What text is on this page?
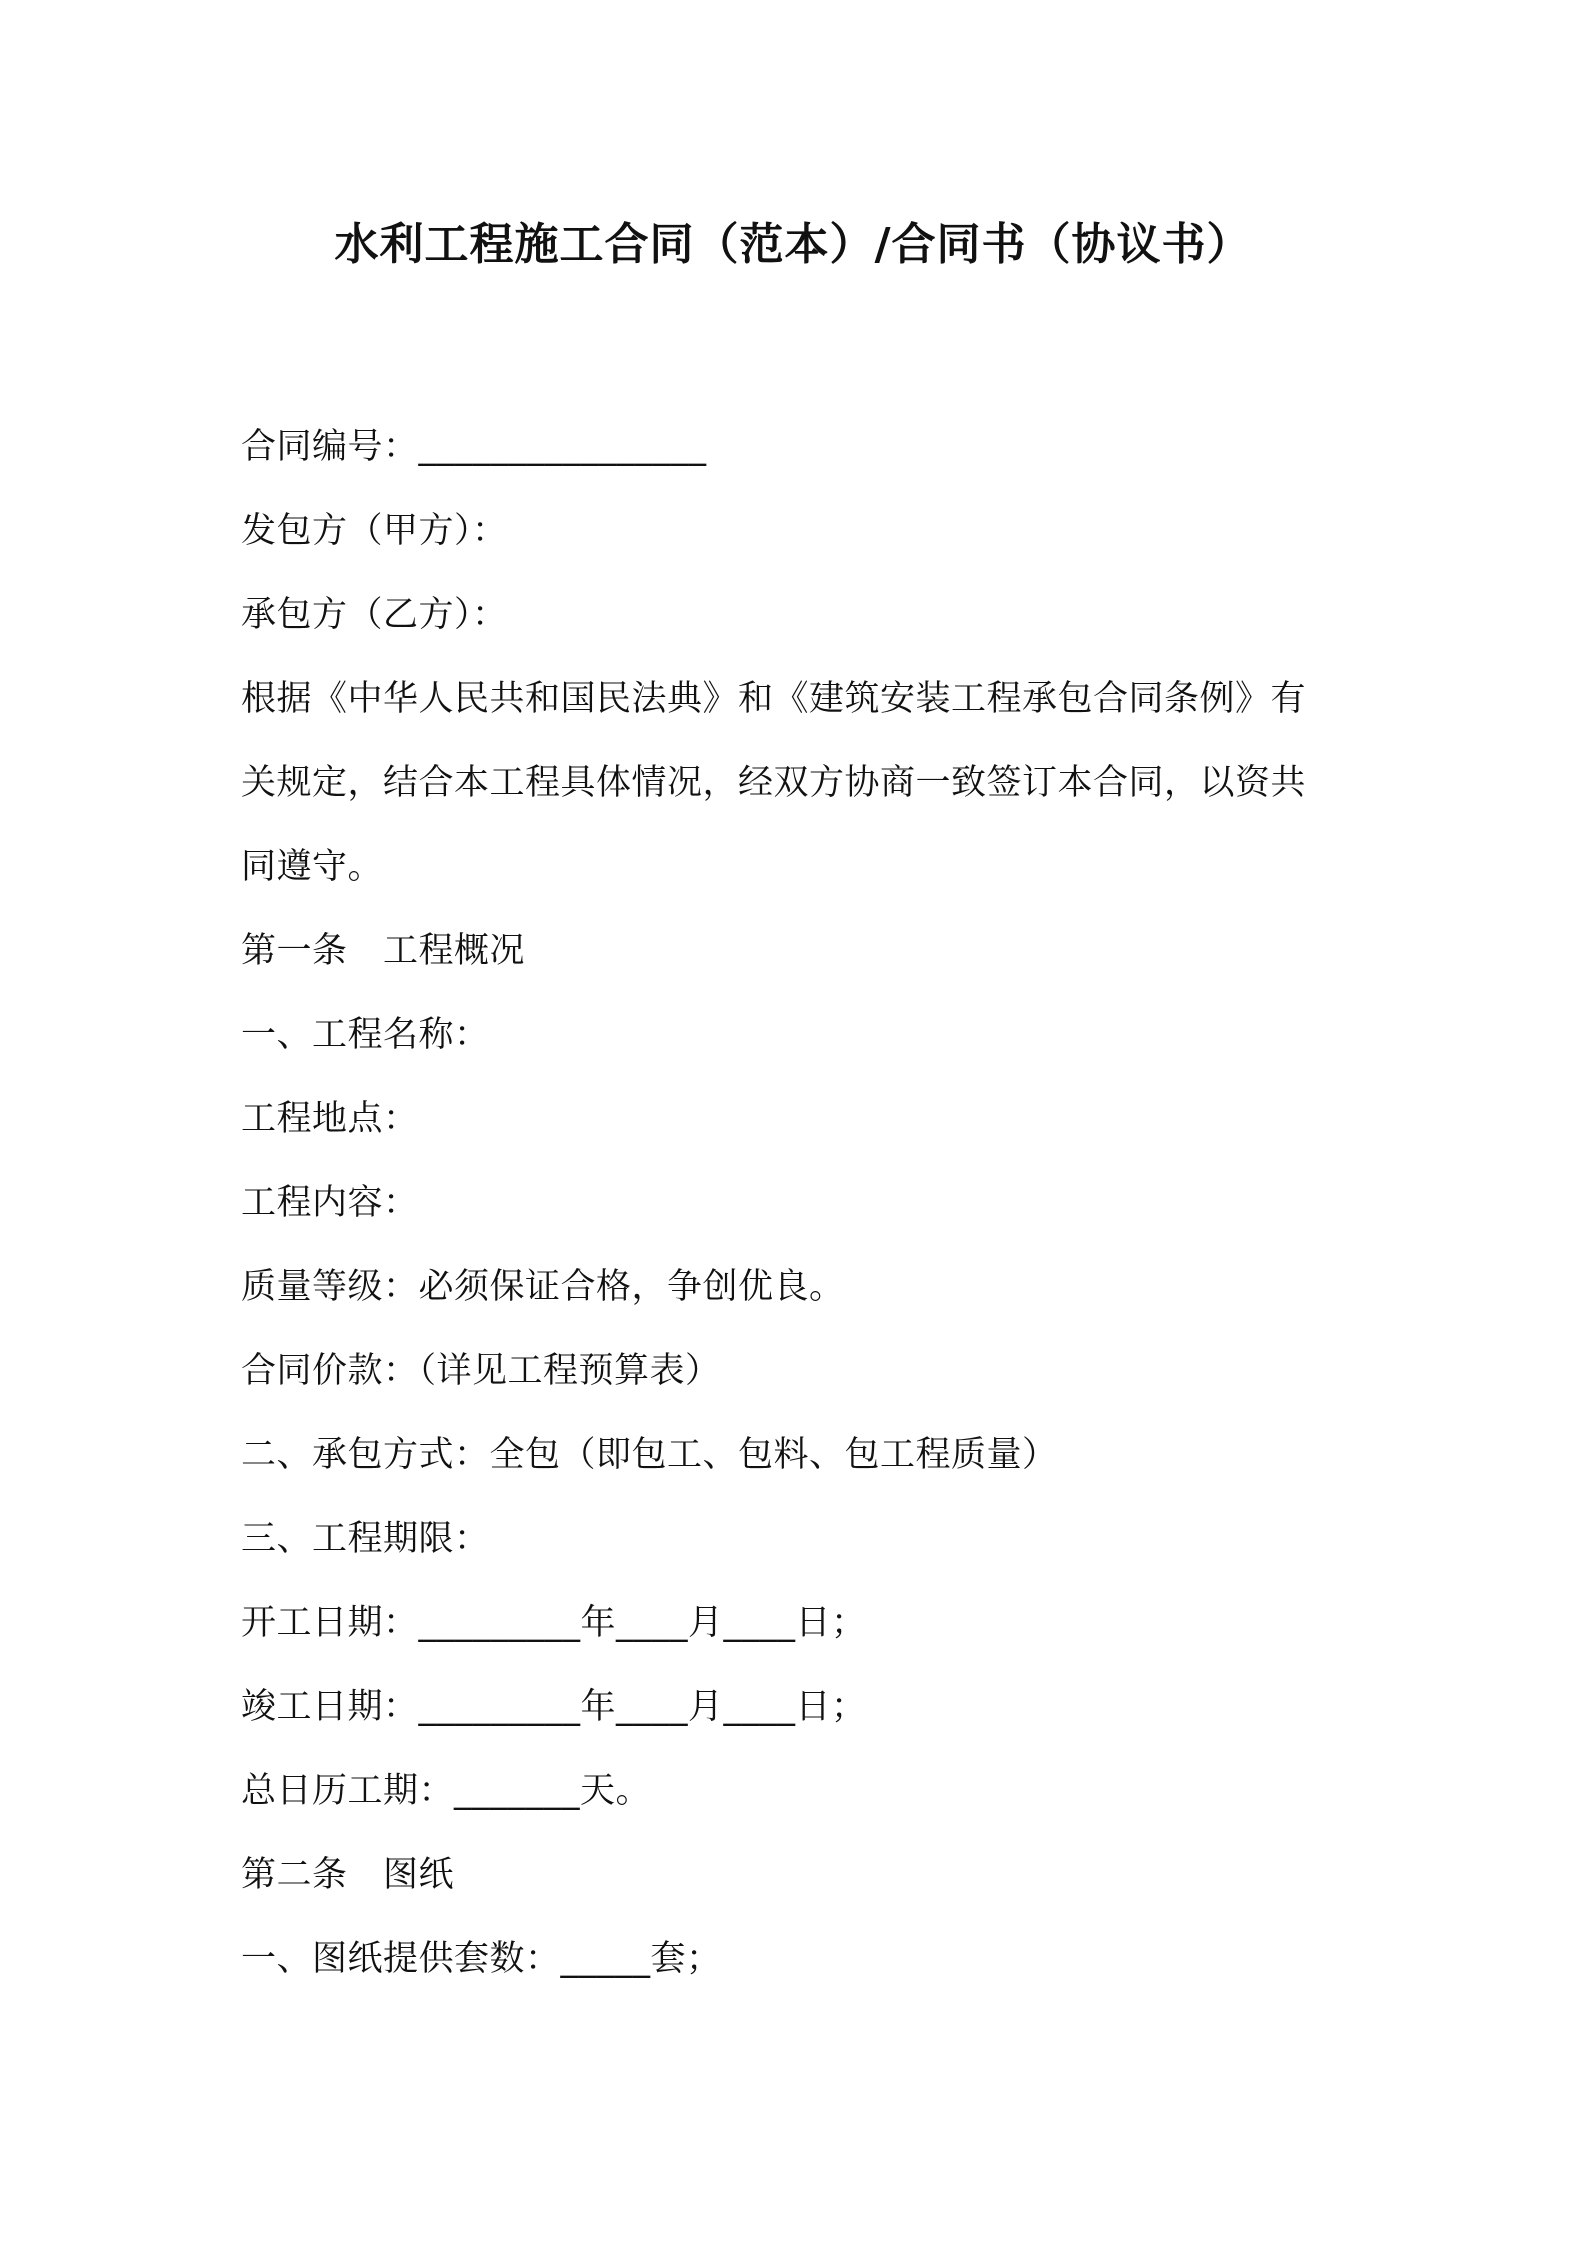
水利工程施工合同（范本）/合同书（协议书）
合同编号：________________
发包方（甲方）：
承包方（乙方）：
根据《中华人民共和国民法典》和《建筑安装工程承包合同条例》有
关规定，结合本工程具体情况，经双方协商一致签订本合同，以资共
同遵守。
第一条　工程概况
一、工程名称：
工程地点：
工程内容：
质量等级：必须保证合格，争创优良。
合同价款：（详见工程预算表）
二、承包方式：全包（即包工、包料、包工程质量）
三、工程期限：
开工日期：_________年____月____日；
竣工日期：_________年____月____日；
总日历工期：_______天。
第二条　图纸
一、图纸提供套数：_____套；
